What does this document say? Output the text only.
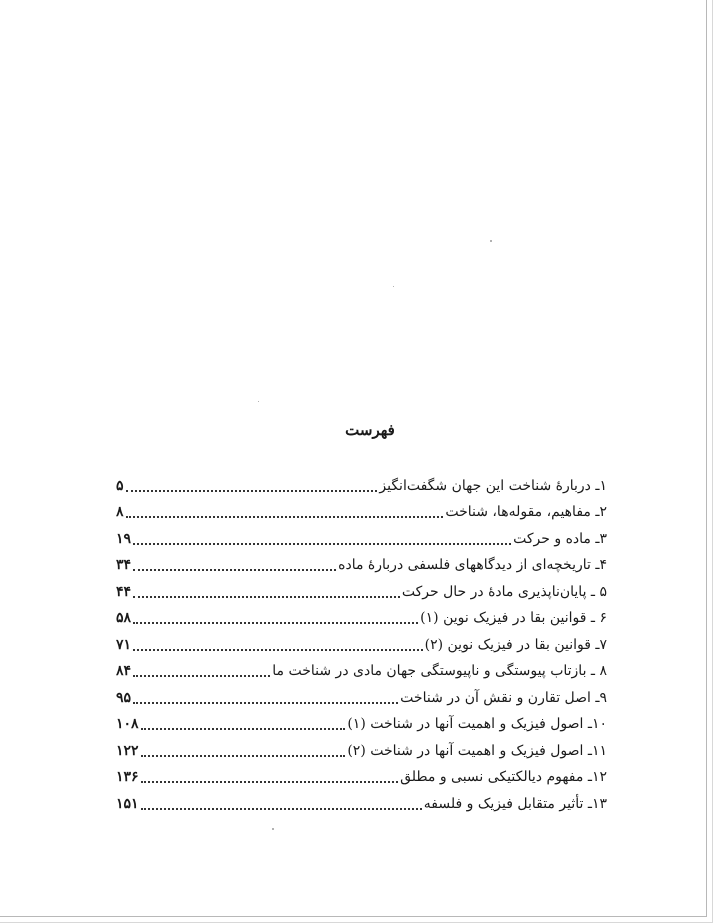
فهرست
۱ـ دربارهٔ شناخت این جهان شگفت‌انگیز
۵
۲ـ مفاهیم، مقوله‌ها، شناخت
۸
۳ـ ماده و حرکت
۱۹
۴ـ تاریخچه‌ای از دیدگاههای فلسفی دربارهٔ ماده
۳۴
۵ ـ پایان‌ناپذیری مادهٔ در حال حرکت
۴۴
۶ ـ قوانین بقا در فیزیک نوین (۱)
۵۸
۷ـ قوانین بقا در فیزیک نوین (۲)
۷۱
۸ ـ بازتاب پیوستگی و ناپیوستگی جهان مادی در شناخت ما
۸۴
۹ـ اصل تقارن و نقش آن در شناخت
۹۵
۱۰ـ اصول فیزیک و اهمیت آنها در شناخت (۱)
۱۰۸
۱۱ـ اصول فیزیک و اهمیت آنها در شناخت (۲)
۱۲۲
۱۲ـ مفهوم دیالکتیکی نسبی و مطلق
۱۳۶
۱۳ـ تأثیر متقابل فیزیک و فلسفه
۱۵۱
